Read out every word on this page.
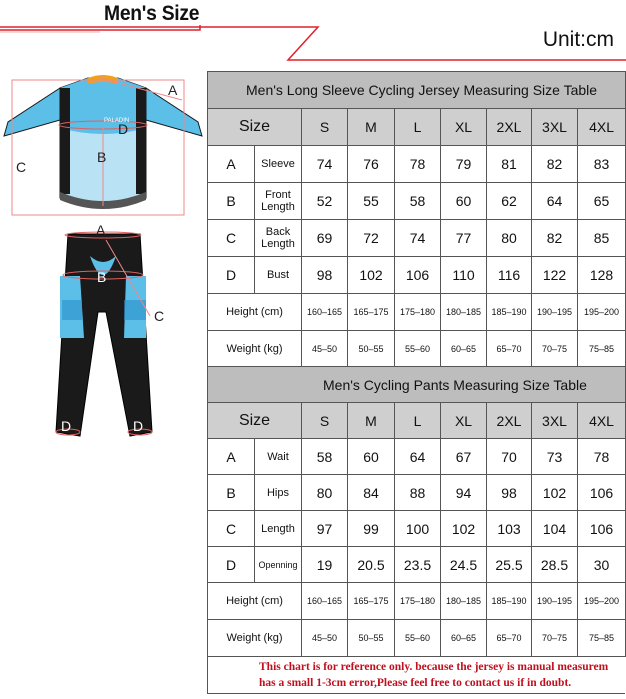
Men's Size
Unit:cm
PALADIN
A
D
B
C
A
B
C
D	D
Men's Long Sleeve Cycling Jersey Measuring Size Table								
Size		S	M	L	XL	2XL	3XL	4XL
A	Sleeve	74	76	78	79	81	82	83
B	Front Length	52	55	58	60	62	64	65
C	Back Length	69	72	74	77	80	82	85
D	Bust	98	102	106	110	116	122	128
Height (cm)		160–165	165–175	175–180	180–185	185–190	190–195	195–200
Weight (kg)		45–50	50–55	55–60	60–65	65–70	70–75	75–85
Men's Cycling Pants Measuring Size Table								
Size		S	M	L	XL	2XL	3XL	4XL
A	Wait	58	60	64	67	70	73	78
B	Hips	80	84	88	94	98	102	106
C	Length	97	99	100	102	103	104	106
D	Openning	19	20.5	23.5	24.5	25.5	28.5	30
Height (cm)		160–165	165–175	175–180	180–185	185–190	190–195	195–200
Weight (kg)		45–50	50–55	55–60	60–65	65–70	70–75	75–85
This chart is for reference only. because the jersey is manual measurem
has a small 1-3cm error,Please feel free to contact us if in doubt.
